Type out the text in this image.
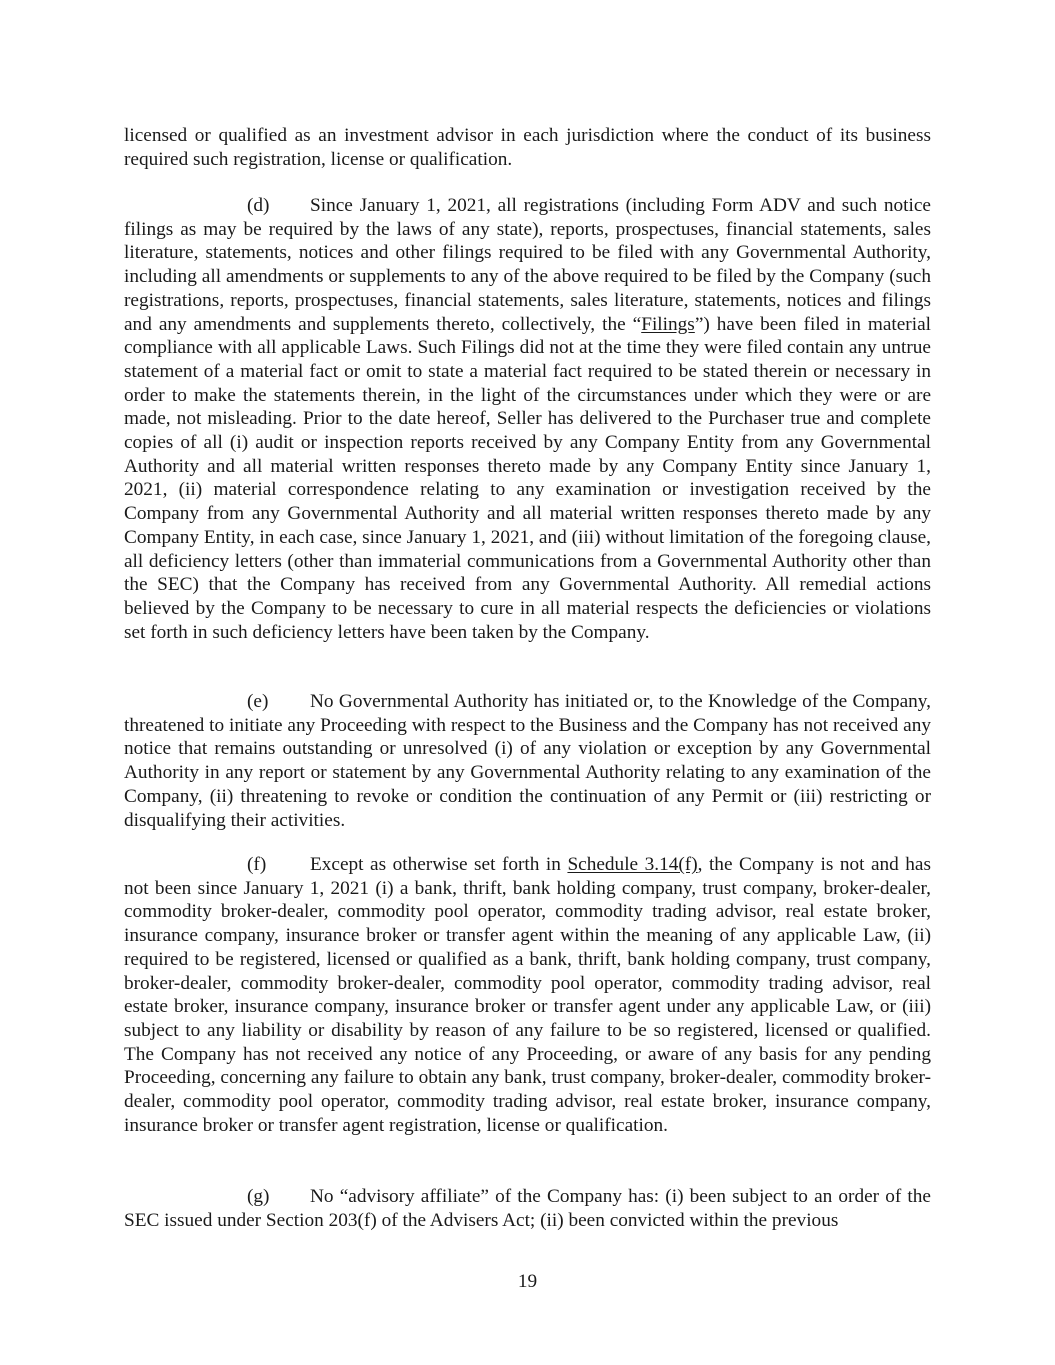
licensed or qualified as an investment advisor in each jurisdiction where the conduct of its business required such registration, license or qualification.

(d) Since January 1, 2021, all registrations (including Form ADV and such notice filings as may be required by the laws of any state), reports, prospectuses, financial statements, sales literature, statements, notices and other filings required to be filed with any Governmental Authority, including all amendments or supplements to any of the above required to be filed by the Company (such registrations, reports, prospectuses, financial statements, sales literature, statements, notices and filings and any amendments and supplements thereto, collectively, the “Filings”) have been filed in material compliance with all applicable Laws. Such Filings did not at the time they were filed contain any untrue statement of a material fact or omit to state a material fact required to be stated therein or necessary in order to make the statements therein, in the light of the circumstances under which they were or are made, not misleading. Prior to the date hereof, Seller has delivered to the Purchaser true and complete copies of all (i) audit or inspection reports received by any Company Entity from any Governmental Authority and all material written responses thereto made by any Company Entity since January 1, 2021, (ii) material correspondence relating to any examination or investigation received by the Company from any Governmental Authority and all material written responses thereto made by any Company Entity, in each case, since January 1, 2021, and (iii) without limitation of the foregoing clause, all deficiency letters (other than immaterial communications from a Governmental Authority other than the SEC) that the Company has received from any Governmental Authority. All remedial actions believed by the Company to be necessary to cure in all material respects the deficiencies or violations set forth in such deficiency letters have been taken by the Company.

(e) No Governmental Authority has initiated or, to the Knowledge of the Company, threatened to initiate any Proceeding with respect to the Business and the Company has not received any notice that remains outstanding or unresolved (i) of any violation or exception by any Governmental Authority in any report or statement by any Governmental Authority relating to any examination of the Company, (ii) threatening to revoke or condition the continuation of any Permit or (iii) restricting or disqualifying their activities.

(f) Except as otherwise set forth in Schedule 3.14(f), the Company is not and has not been since January 1, 2021 (i) a bank, thrift, bank holding company, trust company, broker-dealer, commodity broker-dealer, commodity pool operator, commodity trading advisor, real estate broker, insurance company, insurance broker or transfer agent within the meaning of any applicable Law, (ii) required to be registered, licensed or qualified as a bank, thrift, bank holding company, trust company, broker-dealer, commodity broker-dealer, commodity pool operator, commodity trading advisor, real estate broker, insurance company, insurance broker or transfer agent under any applicable Law, or (iii) subject to any liability or disability by reason of any failure to be so registered, licensed or qualified. The Company has not received any notice of any Proceeding, or aware of any basis for any pending Proceeding, concerning any failure to obtain any bank, trust company, broker-dealer, commodity broker-dealer, commodity pool operator, commodity trading advisor, real estate broker, insurance company, insurance broker or transfer agent registration, license or qualification.

(g) No “advisory affiliate” of the Company has: (i) been subject to an order of the SEC issued under Section 203(f) of the Advisers Act; (ii) been convicted within the previous

19
